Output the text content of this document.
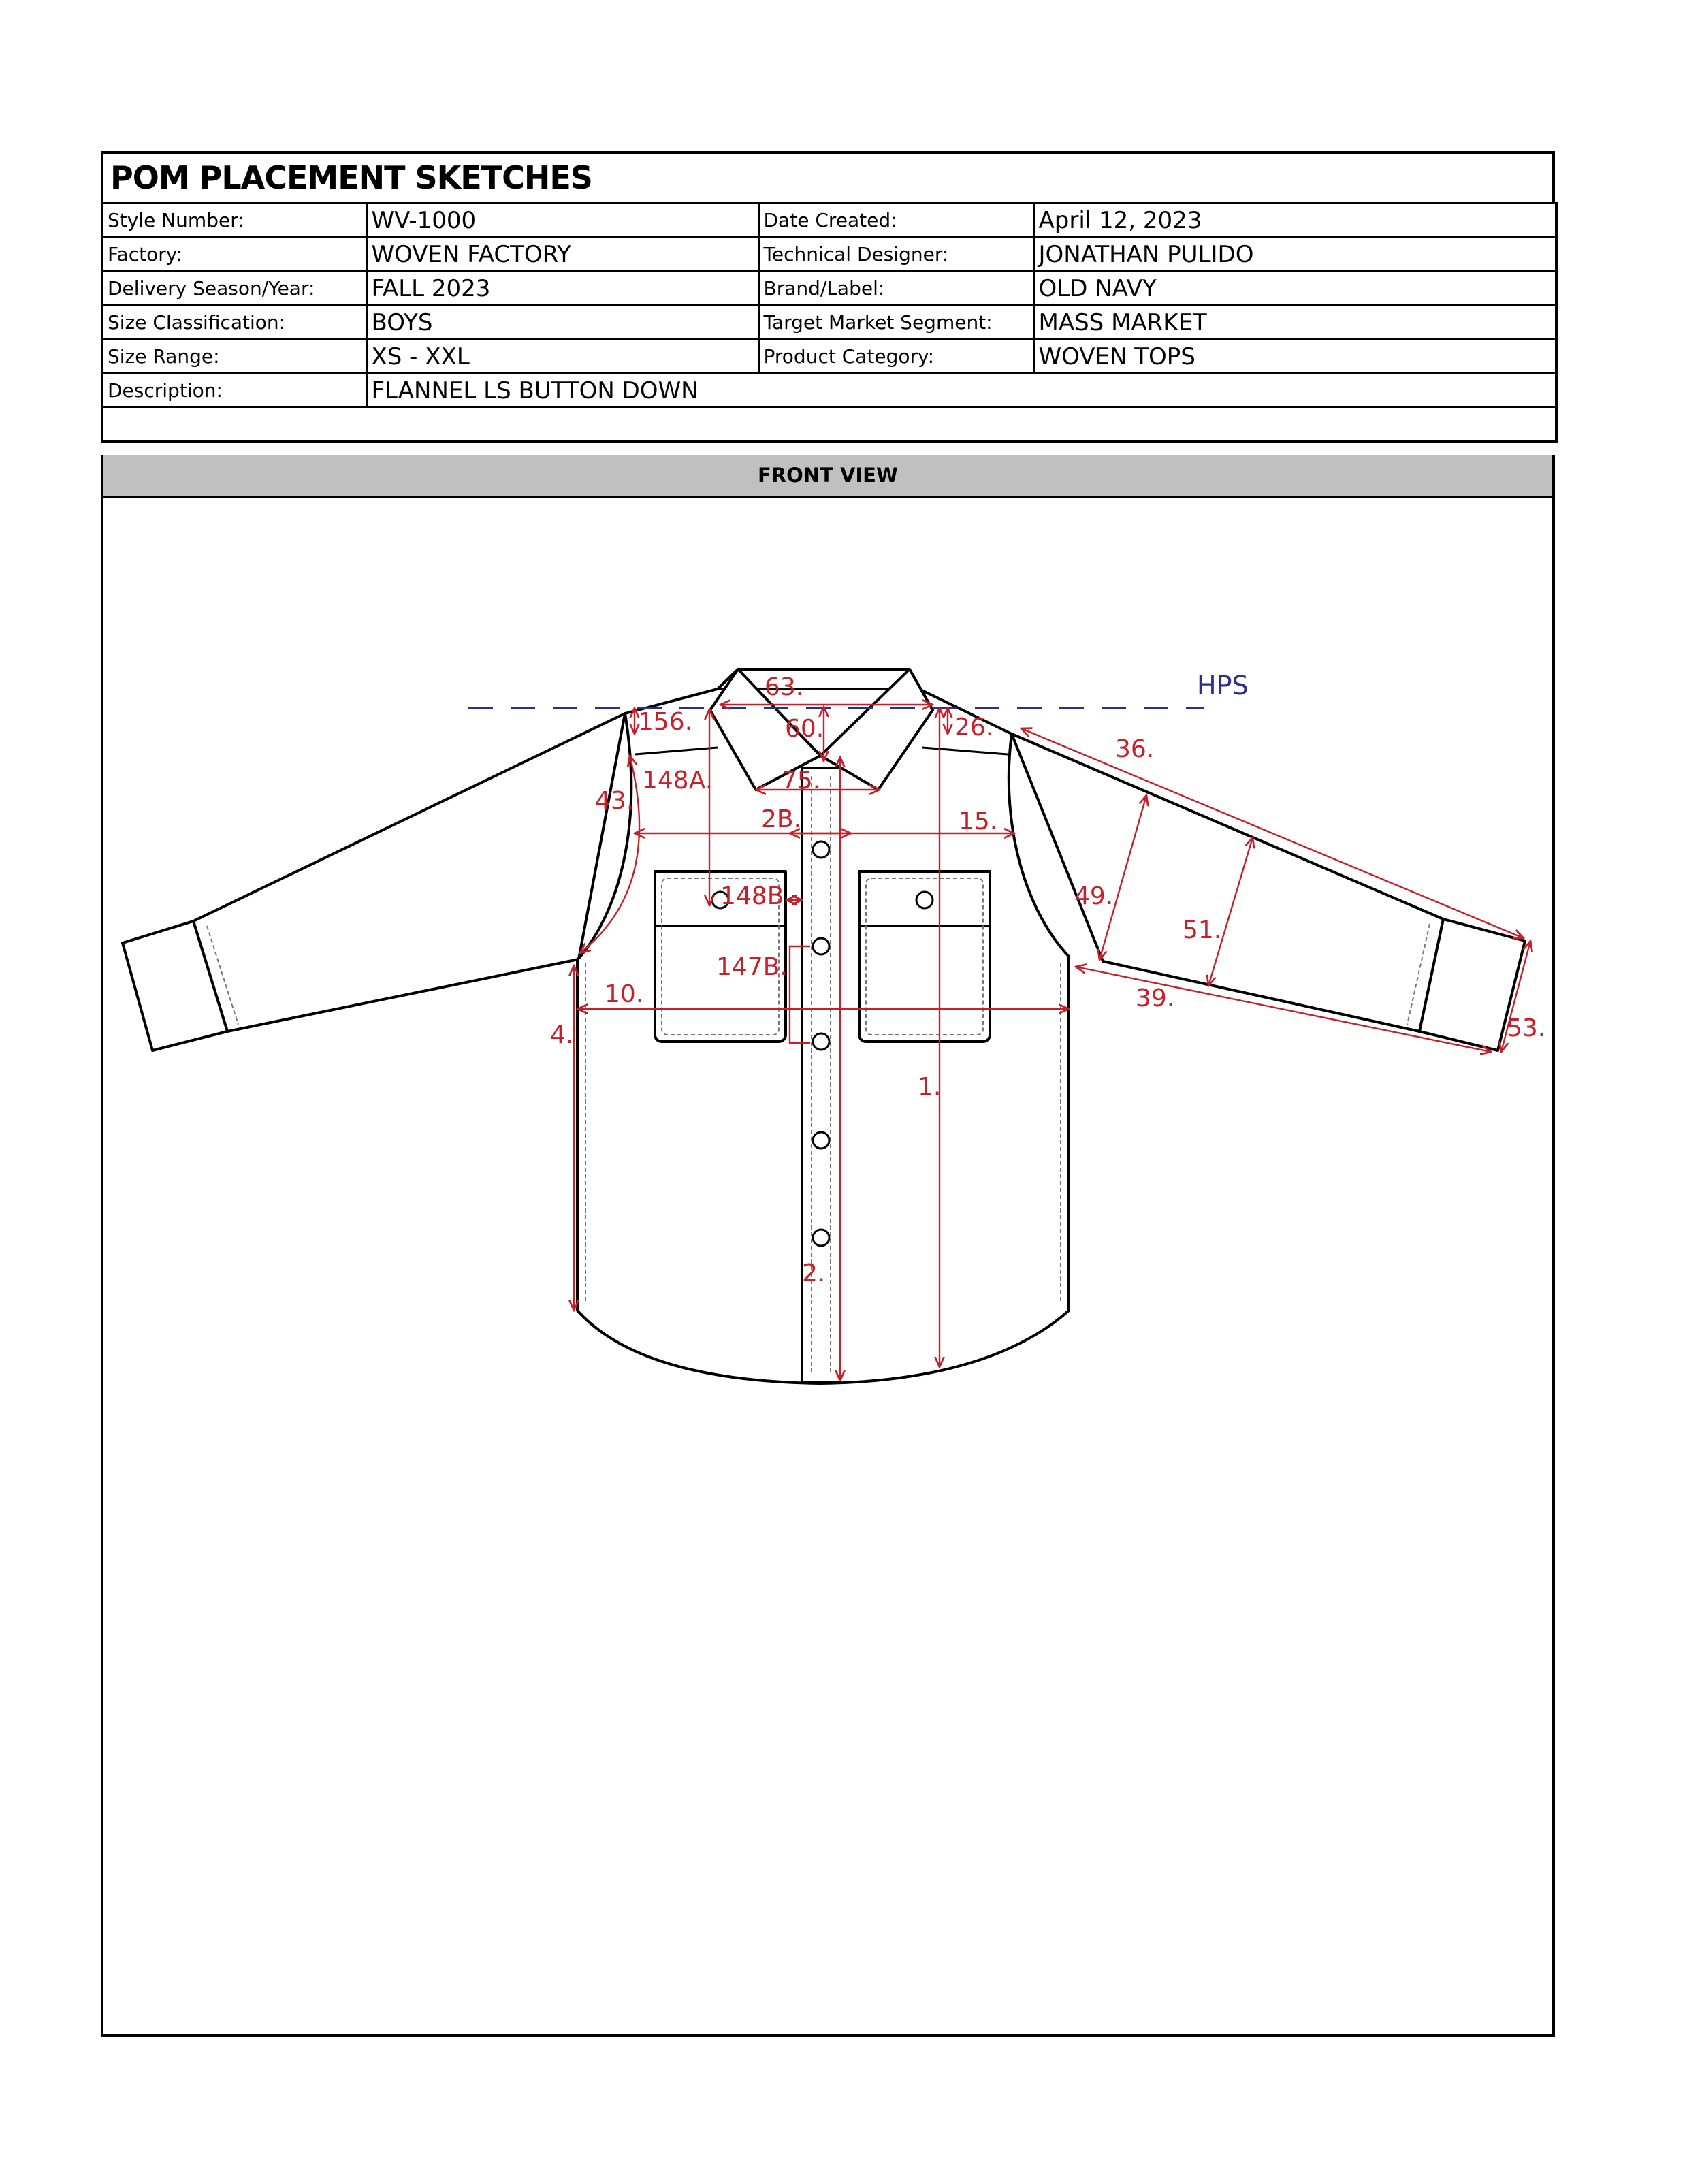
POM PLACEMENT SKETCHES
Style Number:	WV-1000	Date Created:	April 12, 2023
Factory:	WOVEN FACTORY	Technical Designer:	JONATHAN PULIDO
Delivery Season/Year:	FALL 2023	Brand/Label:	OLD NAVY
Size Classification:	BOYS	Target Market Segment:	MASS MARKET
Size Range:	XS - XXL	Product Category:	WOVEN TOPS
Description:	FLANNEL LS BUTTON DOWN		

FRONT VIEW
HPS
63.
60.
156.	26.
36.
148A.
43.
75.
2B.	15.
148B	49.
51.
147B.
10.	39.
53.
4.
1.
2.
